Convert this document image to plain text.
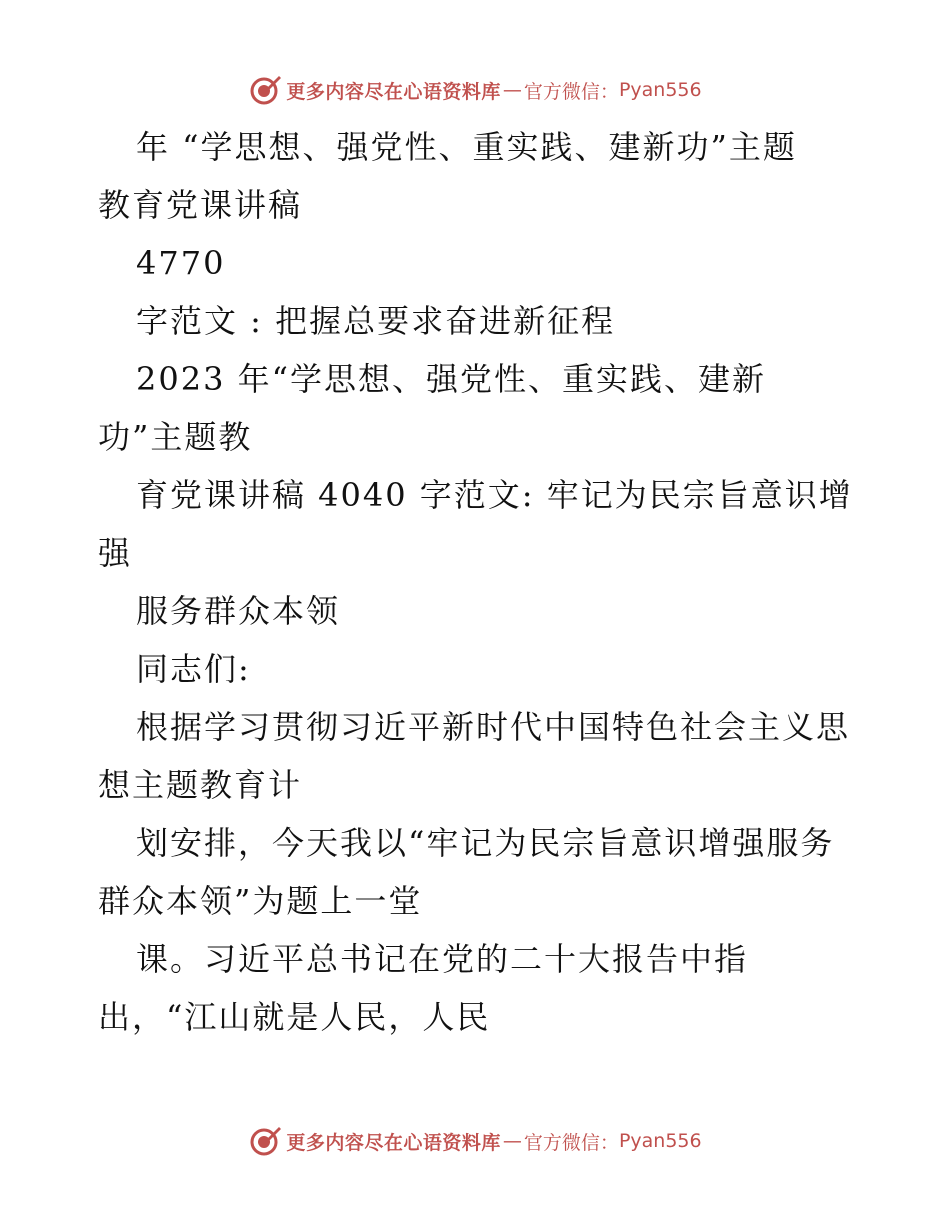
更多内容尽在心语资料库 — 官方微信： Pyan556
年 “学思想、强党性、重实践、建新功”主题
教育党课讲稿
4770
字范文 : 把握总要求奋进新征程
2023 年“学思想、强党性、重实践、建新
功”主题教
育党课讲稿 4040 字范文: 牢记为民宗旨意识增
强
服务群众本领
同志们:
根据学习贯彻习近平新时代中国特色社会主义思
想主题教育计
划安排，今天我以“牢记为民宗旨意识增强服务
群众本领”为题上一堂
课。习近平总书记在党的二十大报告中指
出，“江山就是人民，人民
更多内容尽在心语资料库 — 官方微信： Pyan556
